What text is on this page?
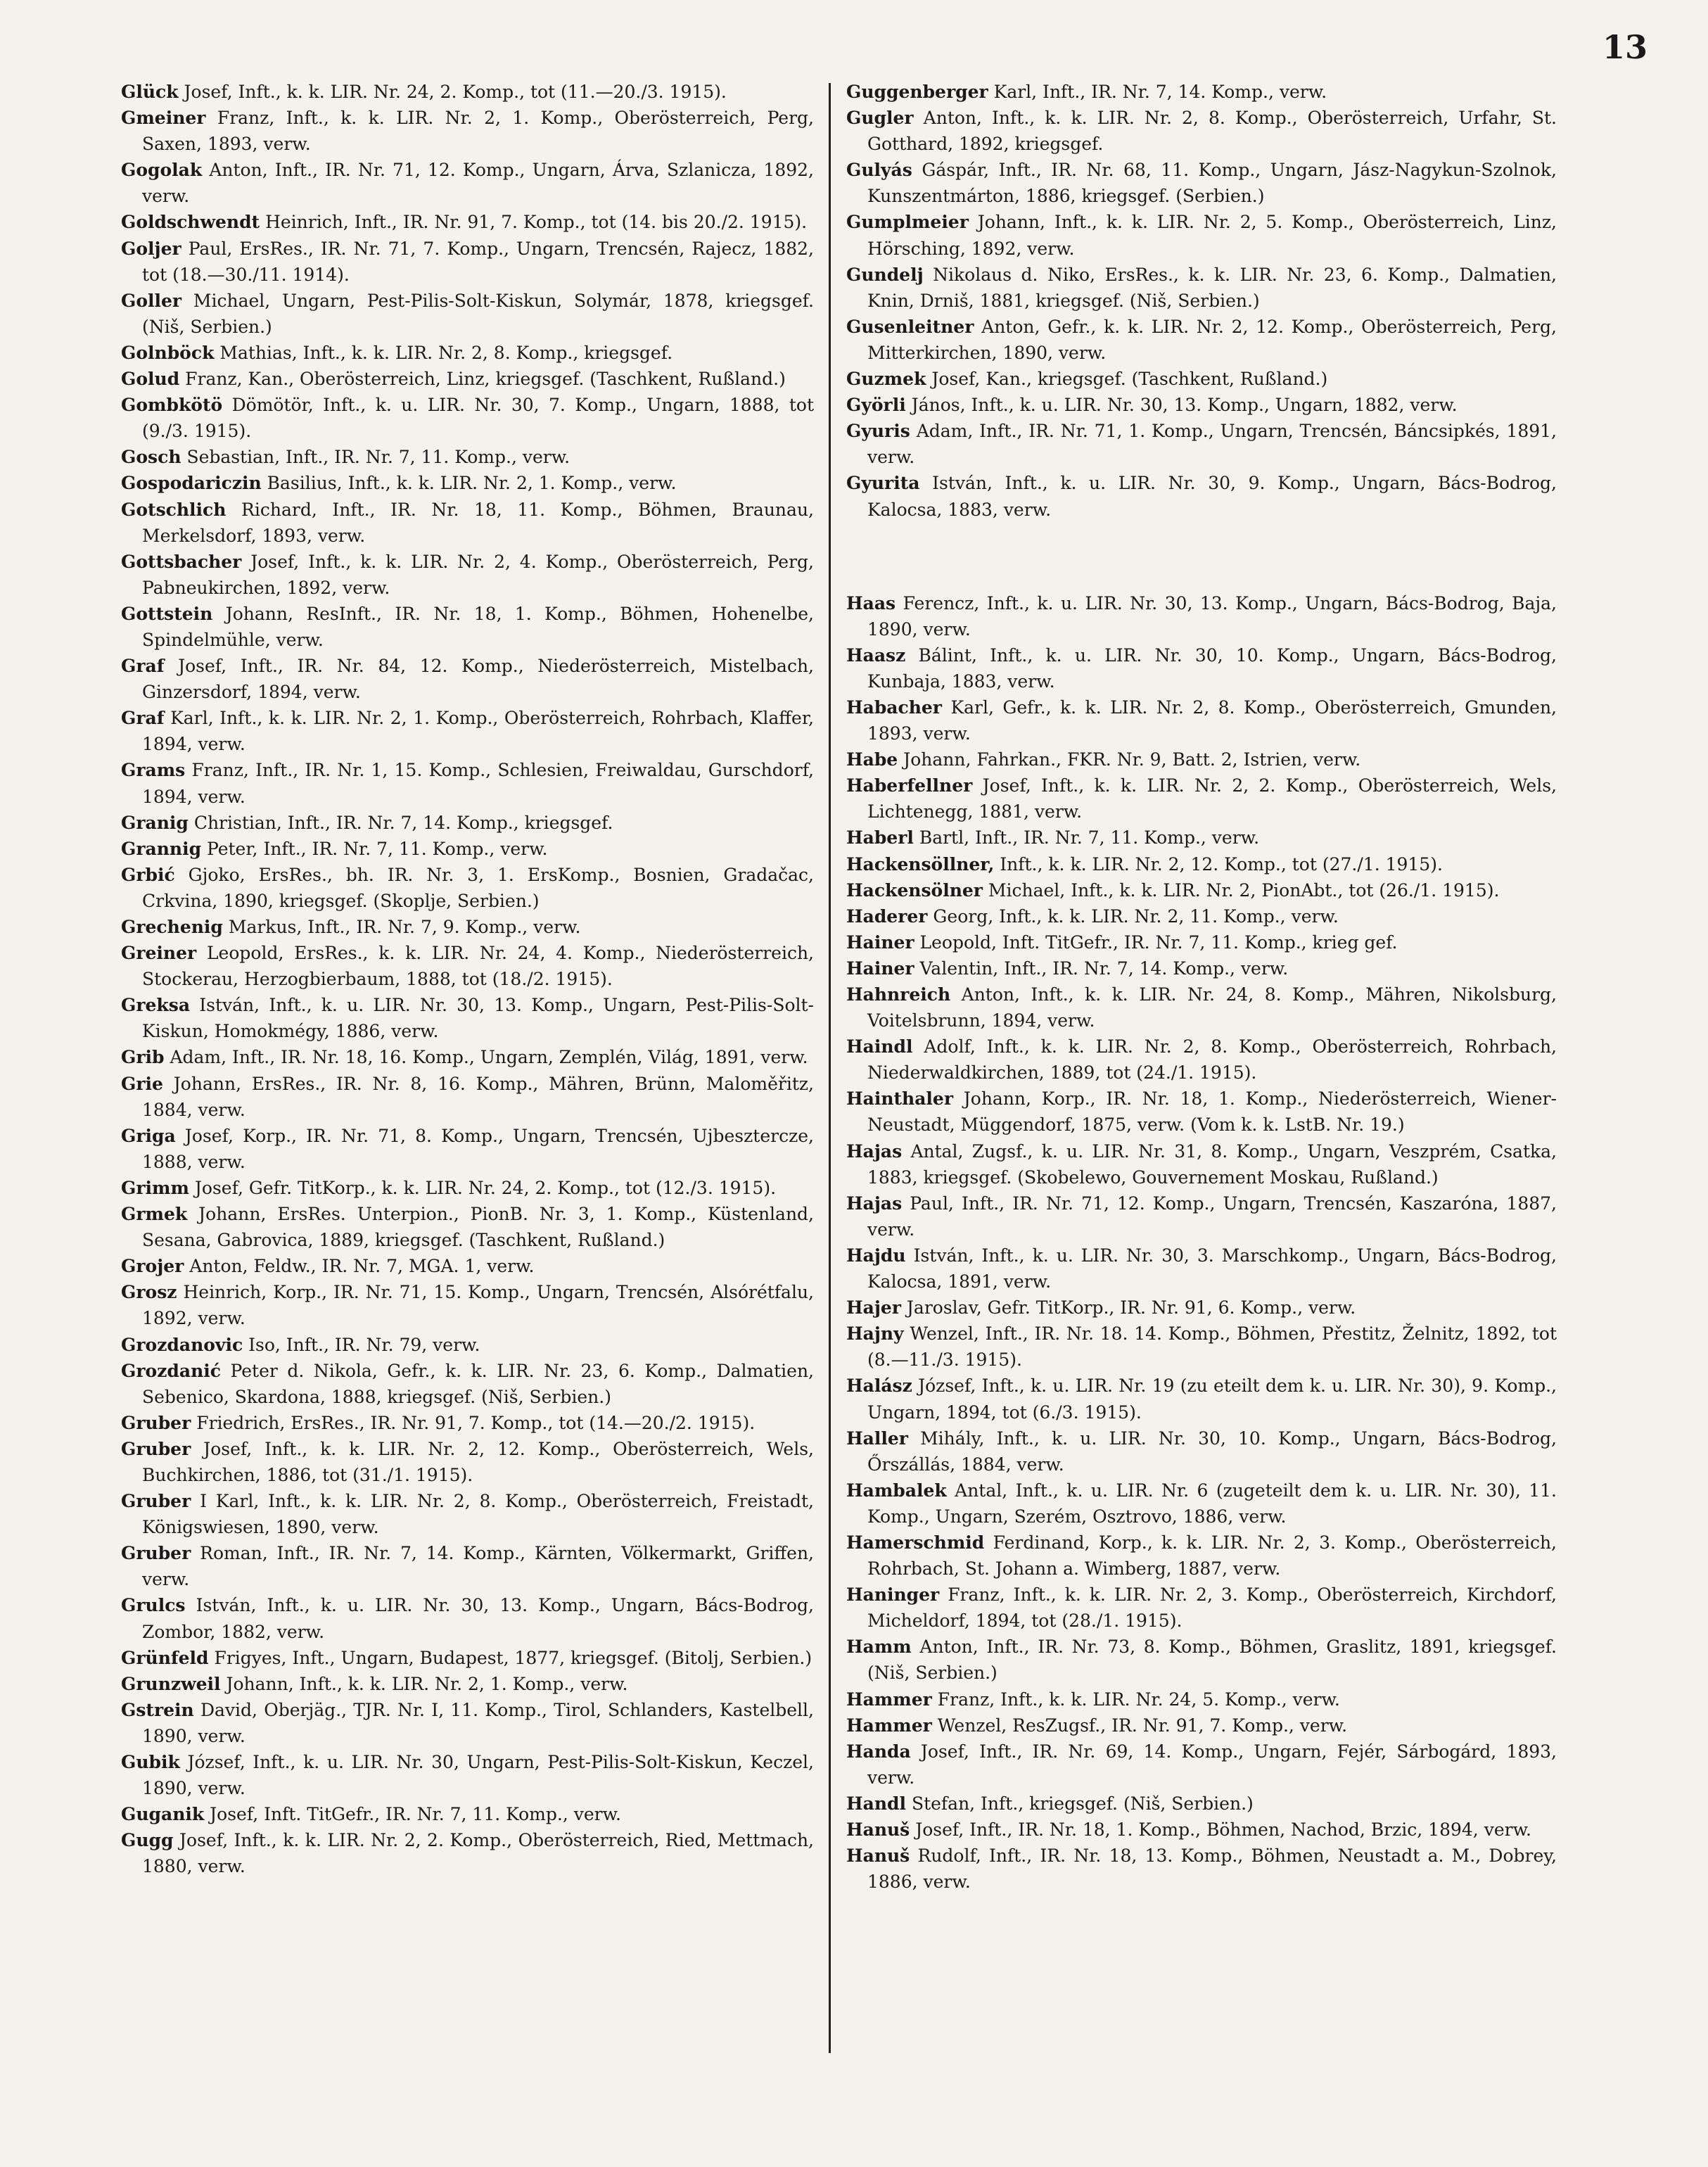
13

Glück Josef, Inft., k. k. LIR. Nr. 24, 2. Komp., tot (11.—20./3. 1915).

Gmeiner Franz, Inft., k. k. LIR. Nr. 2, 1. Komp., Oberösterreich, Perg, Saxen, 1893, verw.

Gogolak Anton, Inft., IR. Nr. 71, 12. Komp., Ungarn, Árva, Szlanicza, 1892, verw.

Goldschwendt Heinrich, Inft., IR. Nr. 91, 7. Komp., tot (14. bis 20./2. 1915).

Goljer Paul, ErsRes., IR. Nr. 71, 7. Komp., Ungarn, Trencsén, Rajecz, 1882, tot (18.—30./11. 1914).

Goller Michael, Ungarn, Pest-Pilis-Solt-Kiskun, Solymár, 1878, kriegsgef. (Niš, Serbien.)

Golnböck Mathias, Inft., k. k. LIR. Nr. 2, 8. Komp., kriegsgef.

Golud Franz, Kan., Oberösterreich, Linz, kriegsgef. (Taschkent, Rußland.)

Gombkötö Dömötör, Inft., k. u. LIR. Nr. 30, 7. Komp., Ungarn, 1888, tot (9./3. 1915).

Gosch Sebastian, Inft., IR. Nr. 7, 11. Komp., verw.

Gospodariczin Basilius, Inft., k. k. LIR. Nr. 2, 1. Komp., verw.

Gotschlich Richard, Inft., IR. Nr. 18, 11. Komp., Böhmen, Braunau, Merkelsdorf, 1893, verw.

Gottsbacher Josef, Inft., k. k. LIR. Nr. 2, 4. Komp., Oberösterreich, Perg, Pabneukirchen, 1892, verw.

Gottstein Johann, ResInft., IR. Nr. 18, 1. Komp., Böhmen, Hohenelbe, Spindelmühle, verw.

Graf Josef, Inft., IR. Nr. 84, 12. Komp., Niederösterreich, Mistelbach, Ginzersdorf, 1894, verw.

Graf Karl, Inft., k. k. LIR. Nr. 2, 1. Komp., Oberösterreich, Rohrbach, Klaffer, 1894, verw.

Grams Franz, Inft., IR. Nr. 1, 15. Komp., Schlesien, Freiwaldau, Gurschdorf, 1894, verw.

Granig Christian, Inft., IR. Nr. 7, 14. Komp., kriegsgef.

Grannig Peter, Inft., IR. Nr. 7, 11. Komp., verw.

Grbić Gjoko, ErsRes., bh. IR. Nr. 3, 1. ErsKomp., Bosnien, Gradačac, Crkvina, 1890, kriegsgef. (Skoplje, Serbien.)

Grechenig Markus, Inft., IR. Nr. 7, 9. Komp., verw.

Greiner Leopold, ErsRes., k. k. LIR. Nr. 24, 4. Komp., Niederösterreich, Stockerau, Herzogbierbaum, 1888, tot (18./2. 1915).

Greksa István, Inft., k. u. LIR. Nr. 30, 13. Komp., Ungarn, Pest-Pilis-Solt-Kiskun, Homokmégy, 1886, verw.

Grib Adam, Inft., IR. Nr. 18, 16. Komp., Ungarn, Zemplén, Világ, 1891, verw.

Grie Johann, ErsRes., IR. Nr. 8, 16. Komp., Mähren, Brünn, Maloměřitz, 1884, verw.

Griga Josef, Korp., IR. Nr. 71, 8. Komp., Ungarn, Trencsén, Ujbesztercze, 1888, verw.

Grimm Josef, Gefr. TitKorp., k. k. LIR. Nr. 24, 2. Komp., tot (12./3. 1915).

Grmek Johann, ErsRes. Unterpion., PionB. Nr. 3, 1. Komp., Küstenland, Sesana, Gabrovica, 1889, kriegsgef. (Taschkent, Rußland.)

Grojer Anton, Feldw., IR. Nr. 7, MGA. 1, verw.

Grosz Heinrich, Korp., IR. Nr. 71, 15. Komp., Ungarn, Trencsén, Alsórétfalu, 1892, verw.

Grozdanovic Iso, Inft., IR. Nr. 79, verw.

Grozdanić Peter d. Nikola, Gefr., k. k. LIR. Nr. 23, 6. Komp., Dalmatien, Sebenico, Skardona, 1888, kriegsgef. (Niš, Serbien.)

Gruber Friedrich, ErsRes., IR. Nr. 91, 7. Komp., tot (14.—20./2. 1915).

Gruber Josef, Inft., k. k. LIR. Nr. 2, 12. Komp., Oberösterreich, Wels, Buchkirchen, 1886, tot (31./1. 1915).

Gruber I Karl, Inft., k. k. LIR. Nr. 2, 8. Komp., Oberösterreich, Freistadt, Königswiesen, 1890, verw.

Gruber Roman, Inft., IR. Nr. 7, 14. Komp., Kärnten, Völkermarkt, Griffen, verw.

Grulcs István, Inft., k. u. LIR. Nr. 30, 13. Komp., Ungarn, Bács-Bodrog, Zombor, 1882, verw.

Grünfeld Frigyes, Inft., Ungarn, Budapest, 1877, kriegsgef. (Bitolj, Serbien.)

Grunzweil Johann, Inft., k. k. LIR. Nr. 2, 1. Komp., verw.

Gstrein David, Oberjäg., TJR. Nr. I, 11. Komp., Tirol, Schlanders, Kastelbell, 1890, verw.

Gubik József, Inft., k. u. LIR. Nr. 30, Ungarn, Pest-Pilis-Solt-Kiskun, Keczel, 1890, verw.

Guganik Josef, Inft. TitGefr., IR. Nr. 7, 11. Komp., verw.

Gugg Josef, Inft., k. k. LIR. Nr. 2, 2. Komp., Oberösterreich, Ried, Mettmach, 1880, verw.

Guggenberger Karl, Inft., IR. Nr. 7, 14. Komp., verw.

Gugler Anton, Inft., k. k. LIR. Nr. 2, 8. Komp., Oberösterreich, Urfahr, St. Gotthard, 1892, kriegsgef.

Gulyás Gáspár, Inft., IR. Nr. 68, 11. Komp., Ungarn, Jász-Nagykun-Szolnok, Kunszentmárton, 1886, kriegsgef. (Serbien.)

Gumplmeier Johann, Inft., k. k. LIR. Nr. 2, 5. Komp., Oberösterreich, Linz, Hörsching, 1892, verw.

Gundelj Nikolaus d. Niko, ErsRes., k. k. LIR. Nr. 23, 6. Komp., Dalmatien, Knin, Drniš, 1881, kriegsgef. (Niš, Serbien.)

Gusenleitner Anton, Gefr., k. k. LIR. Nr. 2, 12. Komp., Oberösterreich, Perg, Mitterkirchen, 1890, verw.

Guzmek Josef, Kan., kriegsgef. (Taschkent, Rußland.)

Györli János, Inft., k. u. LIR. Nr. 30, 13. Komp., Ungarn, 1882, verw.

Gyuris Adam, Inft., IR. Nr. 71, 1. Komp., Ungarn, Trencsén, Báncsipkés, 1891, verw.

Gyurita István, Inft., k. u. LIR. Nr. 30, 9. Komp., Ungarn, Bács-Bodrog, Kalocsa, 1883, verw.

Haas Ferencz, Inft., k. u. LIR. Nr. 30, 13. Komp., Ungarn, Bács-Bodrog, Baja, 1890, verw.

Haasz Bálint, Inft., k. u. LIR. Nr. 30, 10. Komp., Ungarn, Bács-Bodrog, Kunbaja, 1883, verw.

Habacher Karl, Gefr., k. k. LIR. Nr. 2, 8. Komp., Oberösterreich, Gmunden, 1893, verw.

Habe Johann, Fahrkan., FKR. Nr. 9, Batt. 2, Istrien, verw.

Haberfellner Josef, Inft., k. k. LIR. Nr. 2, 2. Komp., Oberösterreich, Wels, Lichtenegg, 1881, verw.

Haberl Bartl, Inft., IR. Nr. 7, 11. Komp., verw.

Hackensöllner, Inft., k. k. LIR. Nr. 2, 12. Komp., tot (27./1. 1915).

Hackensölner Michael, Inft., k. k. LIR. Nr. 2, PionAbt., tot (26./1. 1915).

Haderer Georg, Inft., k. k. LIR. Nr. 2, 11. Komp., verw.

Hainer Leopold, Inft. TitGefr., IR. Nr. 7, 11. Komp., krieg gef.

Hainer Valentin, Inft., IR. Nr. 7, 14. Komp., verw.

Hahnreich Anton, Inft., k. k. LIR. Nr. 24, 8. Komp., Mähren, Nikolsburg, Voitelsbrunn, 1894, verw.

Haindl Adolf, Inft., k. k. LIR. Nr. 2, 8. Komp., Oberösterreich, Rohrbach, Niederwaldkirchen, 1889, tot (24./1. 1915).

Hainthaler Johann, Korp., IR. Nr. 18, 1. Komp., Niederösterreich, Wiener-Neustadt, Müggendorf, 1875, verw. (Vom k. k. LstB. Nr. 19.)

Hajas Antal, Zugsf., k. u. LIR. Nr. 31, 8. Komp., Ungarn, Veszprém, Csatka, 1883, kriegsgef. (Skobelewo, Gouvernement Moskau, Rußland.)

Hajas Paul, Inft., IR. Nr. 71, 12. Komp., Ungarn, Trencsén, Kaszaróna, 1887, verw.

Hajdu István, Inft., k. u. LIR. Nr. 30, 3. Marschkomp., Ungarn, Bács-Bodrog, Kalocsa, 1891, verw.

Hajer Jaroslav, Gefr. TitKorp., IR. Nr. 91, 6. Komp., verw.

Hajny Wenzel, Inft., IR. Nr. 18. 14. Komp., Böhmen, Přestitz, Želnitz, 1892, tot (8.—11./3. 1915).

Halász József, Inft., k. u. LIR. Nr. 19 (zu eteilt dem k. u. LIR. Nr. 30), 9. Komp., Ungarn, 1894, tot (6./3. 1915).

Haller Mihály, Inft., k. u. LIR. Nr. 30, 10. Komp., Ungarn, Bács-Bodrog, Őrszállás, 1884, verw.

Hambalek Antal, Inft., k. u. LIR. Nr. 6 (zugeteilt dem k. u. LIR. Nr. 30), 11. Komp., Ungarn, Szerém, Osztrovo, 1886, verw.

Hamerschmid Ferdinand, Korp., k. k. LIR. Nr. 2, 3. Komp., Oberösterreich, Rohrbach, St. Johann a. Wimberg, 1887, verw.

Haninger Franz, Inft., k. k. LIR. Nr. 2, 3. Komp., Oberösterreich, Kirchdorf, Micheldorf, 1894, tot (28./1. 1915).

Hamm Anton, Inft., IR. Nr. 73, 8. Komp., Böhmen, Graslitz, 1891, kriegsgef. (Niš, Serbien.)

Hammer Franz, Inft., k. k. LIR. Nr. 24, 5. Komp., verw.

Hammer Wenzel, ResZugsf., IR. Nr. 91, 7. Komp., verw.

Handa Josef, Inft., IR. Nr. 69, 14. Komp., Ungarn, Fejér, Sárbogárd, 1893, verw.

Handl Stefan, Inft., kriegsgef. (Niš, Serbien.)

Hanuš Josef, Inft., IR. Nr. 18, 1. Komp., Böhmen, Nachod, Brzic, 1894, verw.

Hanuš Rudolf, Inft., IR. Nr. 18, 13. Komp., Böhmen, Neustadt a. M., Dobrey, 1886, verw.
